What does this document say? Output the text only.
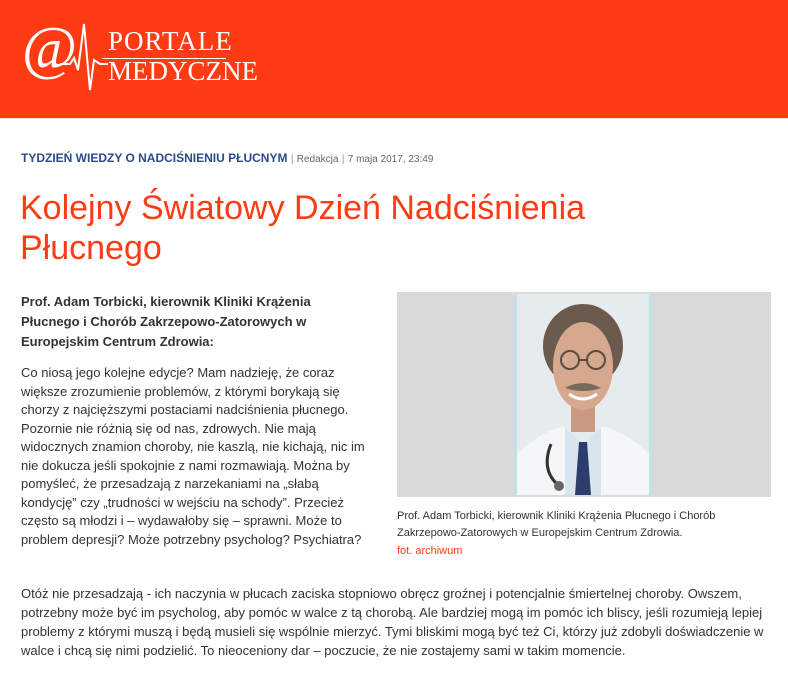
@ PORTALE
MEDYCZNE
TYDZIEŃ WIEDZY O NADCIŚNIENIU PŁUCNYM | Redakcja | 7 maja 2017, 23:49
Kolejny Światowy Dzień Nadciśnienia Płucnego

Prof. Adam Torbicki, kierownik Kliniki Krążenia Płucnego i Chorób Zakrzepowo-Zatorowych w Europejskim Centrum Zdrowia:

Prof. Adam Torbicki, kierownik Kliniki Krążenia Płucnego i Chorób Zakrzepowo-Zatorowych w Europejskim Centrum Zdrowia.
fot. archiwum

Co niosą jego kolejne edycje? Mam nadzieję, że coraz większe zrozumienie problemów, z którymi borykają się chorzy z najcięższymi postaciami nadciśnienia płucnego. Pozornie nie różnią się od nas, zdrowych. Nie mają widocznych znamion choroby, nie kaszlą, nie kichają, nic im nie dokucza jeśli spokojnie z nami rozmawiają. Można by pomyśleć, że przesadzają z narzekaniami na „słabą kondycję” czy „trudności w wejściu na schody”. Przecież często są młodzi i – wydawałoby się – sprawni. Może to problem depresji? Może potrzebny psycholog? Psychiatra?

Otóż nie przesadzają - ich naczynia w płucach zaciska stopniowo obręcz groźnej i potencjalnie śmiertelnej choroby. Owszem, potrzebny może być im psycholog, aby pomóc w walce z tą chorobą. Ale bardziej mogą im pomóc ich bliscy, jeśli rozumieją lepiej problemy z którymi muszą i będą musieli się wspólnie mierzyć. Tymi bliskimi mogą być też Ci, którzy już zdobyli doświadczenie w walce i chcą się nimi podzielić. To nieoceniony dar – poczucie, że nie zostajemy sami w takim momencie.
